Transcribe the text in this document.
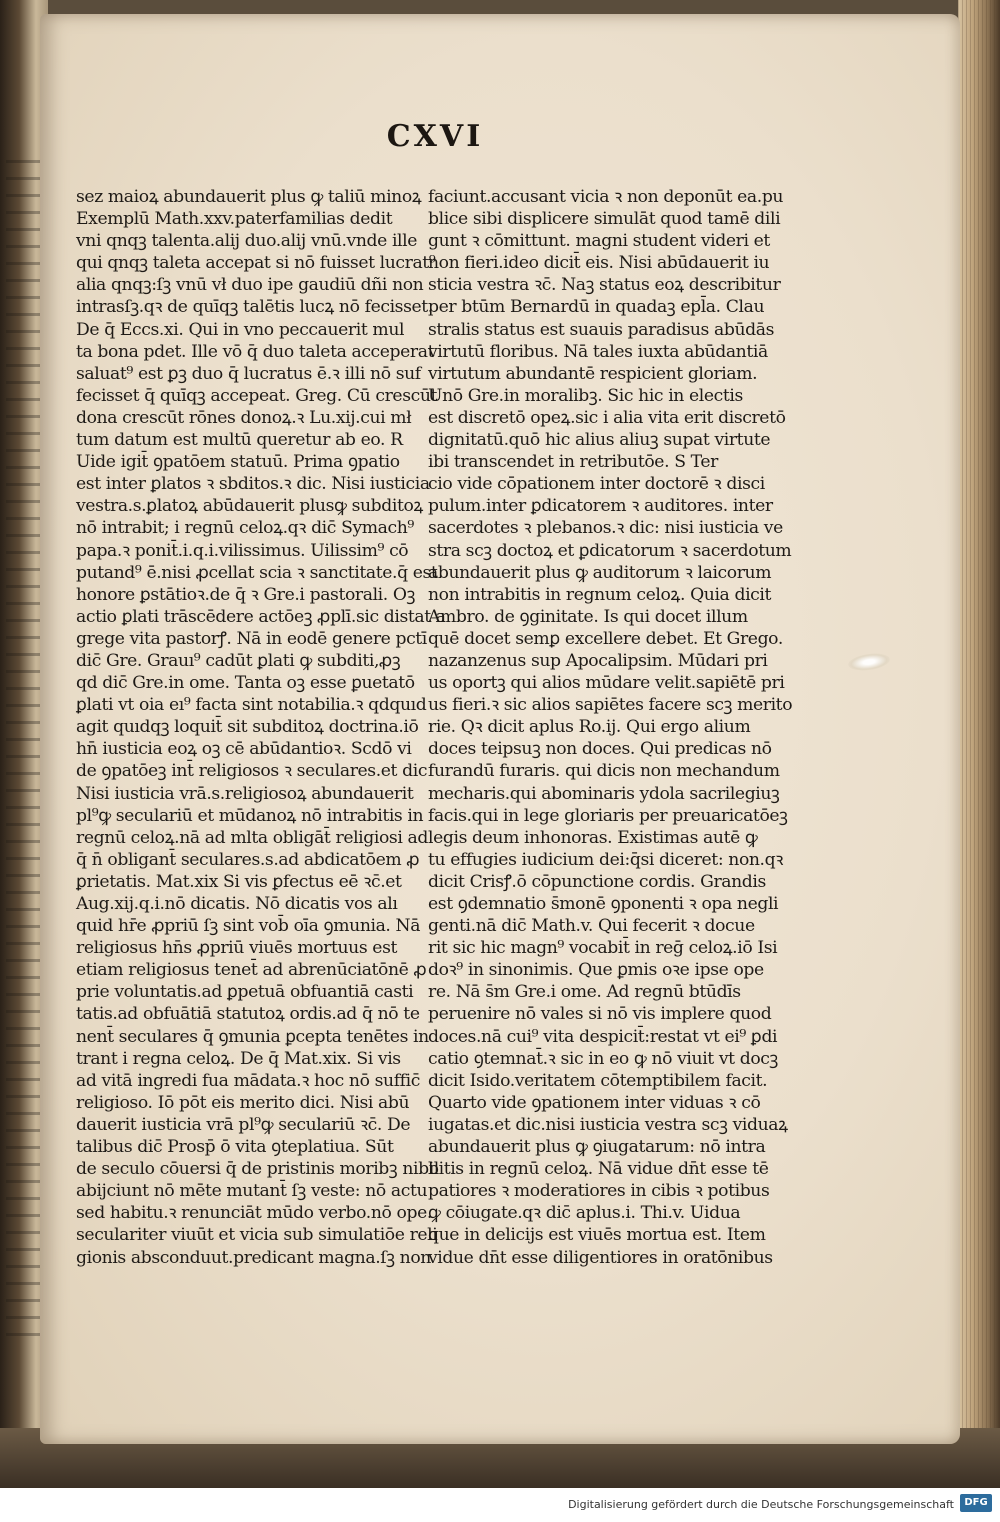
CXVI
sez maioꝝ abundauerit plus ꝙ taliū minoꝝ
Exemplū Math.xxv.paterfamilias dedit
vni qnqꝫ talenta.alij duo.alij vnū.vnde ille
qui qnqꝫ taleta accepat si nō fuisset lucrat⁹
alia qnqꝫ:ſꝫ vnū vł duo ipe gaudiū dñi non
intrasſꝫ.qꝛ de quīqꝫ talētis lucꝝ nō fecisset.
De q̄ Eccs.xi. Qui in vno peccauerit mul
ta bona pdet. Ille vō q̄ duo taleta acceperat
saluat⁹ est ꝑꝫ duo q̄ lucratus ē.ꝛ illi nō suf
fecisset q̄ quīqꝫ accepeat. Greg. Cū crescūt
dona crescūt rōnes donoꝝ.ꝛ Lu.xij.cui mł
tum datum est multū queretur ab eo. R
Uide igit̄ ꝯpatōem statuū. Prima ꝯpatio
est inter ꝑlatos ꝛ sbditos.ꝛ dic. Nisi iusticia
vestra.s.ꝑlatoꝝ abūdauerit plusꝙ subditoꝝ
nō intrabit; i regnū celoꝝ.qꝛ dic̄ Symach⁹
papa.ꝛ ponit̄.i.q.i.vilissimus. Uilissim⁹ cō
putand⁹ ē.nisi ꝓcellat scia ꝛ sanctitate.q̄ est
honore ꝑstātioꝛ.de q̄ ꝛ Gre.i pastorali. Oꝫ
actio ꝑlati trāscēdere actōeꝫ ꝓplī.sic distat a
grege vita pastorꝭ. Nā in eodē genere pctī
dic̄ Gre. Grauı⁹ cadūt ꝑlati ꝙ subditi,ꝓꝫ
qd dic̄ Gre.in ome. Tanta oꝫ esse ꝑuetatō
ꝑlati vt oia eı⁹ facta sint notabilia.ꝛ qdquıd
agit quıdqꝫ loquit̄ sit subditoꝝ doctrina.iō
hn̄ iusticia eoꝝ oꝫ cē abūdantioꝛ. Scdō vi
de ꝯpatōeꝫ int̄ religiosos ꝛ seculares.et dic
Nisi iusticia vrā.s.religiosoꝝ abundauerit
pl⁹ꝙ seculariū et mūdanoꝝ nō intrabitis in
regnū celoꝝ.nā ad mlta obligāt̄ religiosi ad
q̄ n̄ obligant̄ seculares.s.ad abdicatōem ꝓ
ꝑrietatis. Mat.xix Si vis ꝑfectus eē ꝛc̄.et
Aug.xij.q.i.nō dicatis. Nō dicatis vos alı
quid hr̄e ꝓpriū ſꝫ sint vob̄ oīa ꝯmunia. Nā
religiosus hn̄s ꝓpriū viuēs mortuus est
etiam religiosus tenet̄ ad abrenūciatōnē ꝓ
prie voluntatis.ad ꝑpetuā obfuantiā casti
tatis.ad obfuātiā statutoꝝ ordis.ad q̄ nō te
nent̄ seculares q̄ ꝯmunia ꝑcepta tenētes in
trant i regna celoꝝ. De q̄ Mat.xix. Si vis
ad vitā ingredi fua mādata.ꝛ hoc nō suffic̄
religioso. Iō pōt eis merito dici. Nisi abū
dauerit iusticia vrā pl⁹ꝙ seculariū ꝛc̄. De
talibus dic̄ Prosp̄ ō vita ꝯteplatiua. Sūt
de seculo cōuersi q̄ de pristinis moribꝫ nibil
abijciunt nō mēte mutant̄ ſꝫ veste: nō actu
sed habitu.ꝛ renunciāt mūdo verbo.nō ope.
seculariter viuūt et vicia sub simulatiōe reli
gionis absconduut.predicant magna.ſꝫ non
faciunt.accusant vicia ꝛ non deponūt ea.pu
blice sibi displicere simulāt quod tamē dili
gunt ꝛ cōmittunt. magni student videri et
non fieri.ideo dicit̄ eis. Nisi abūdauerit iu
sticia vestra ꝛc̄. Naꝫ status eoꝝ describitur
per btūm Bernardū in quadaꝫ epl̄a. Clau
stralis status est suauis paradisus abūdās
virtutū floribus. Nā tales iuxta abūdantiā
virtutum abundantē respicient gloriam.
Unō Gre.in moralibꝫ. Sic hic in electis
est discretō opeꝝ.sic i alia vita erit discretō
dignitatū.quō hic alius aliuꝫ supat virtute
ibi transcendet in retributōe. S Ter
cio vide cōpationem inter doctorē ꝛ disci
pulum.inter ꝑdicatorem ꝛ auditores. inter
sacerdotes ꝛ plebanos.ꝛ dic: nisi iusticia ve
stra scꝫ doctoꝝ et ꝑdicatorum ꝛ sacerdotum
abundauerit plus ꝙ auditorum ꝛ laicorum
non intrabitis in regnum celoꝝ. Quia dicit
Ambro. de ꝯginitate. Is qui docet illum
quē docet semꝑ excellere debet. Et Grego.
nazanzenus sup Apocalipsim. Mūdari pri
us oportꝫ qui alios mūdare velit.sapiētē pri
us fieri.ꝛ sic alios sapiētes facere scꝫ merito
rie. Qꝛ dicit aplus Ro.ij. Qui ergo alium
doces teipsuꝫ non doces. Qui predicas nō
furandū furaris. qui dicis non mechandum
mecharis.qui abominaris ydola sacrilegiuꝫ
facis.qui in lege gloriaris per preuaricatōeꝫ
legis deum inhonoras. Existimas autē ꝙ
tu effugies iudicium dei:q̄si diceret: non.qꝛ
dicit Crisꝭ.ō cōpunctione cordis. Grandis
est ꝯdemnatio s̄monē ꝯponenti ꝛ opa negli
genti.nā dic̄ Math.v. Qui fecerit ꝛ docue
rit sic hic magn⁹ vocabit̄ in reḡ celoꝝ.iō Isi
doꝛ⁹ in sinonimis. Que ꝑmis oꝛe ipse ope
re. Nā s̄m Gre.i ome. Ad regnū btūdīs
peruenire nō vales si nō vis implere quod
doces.nā cui⁹ vita despicit̄:restat vt ei⁹ ꝑdi
catio ꝯtemnat̄.ꝛ sic in eo ꝙ nō viuit vt docꝫ
dicit Isido.veritatem cōtemptibilem facit.
Quarto vide ꝯpationem inter viduas ꝛ cō
iugatas.et dic.nisi iusticia vestra scꝫ viduaꝝ
abundauerit plus ꝙ ꝯiugatarum: nō intra
bitis in regnū celoꝝ. Nā vidue dn̄t esse tē
patiores ꝛ moderatiores in cibis ꝛ potibus
ꝙ cōiugate.qꝛ dic̄ aplus.i. Thi.v. Uidua
que in delicijs est viuēs mortua est. Item
vidue dn̄t esse diligentiores in oratōnibus
Digitalisierung gefördert durch die Deutsche Forschungsgemeinschaft	DFG
